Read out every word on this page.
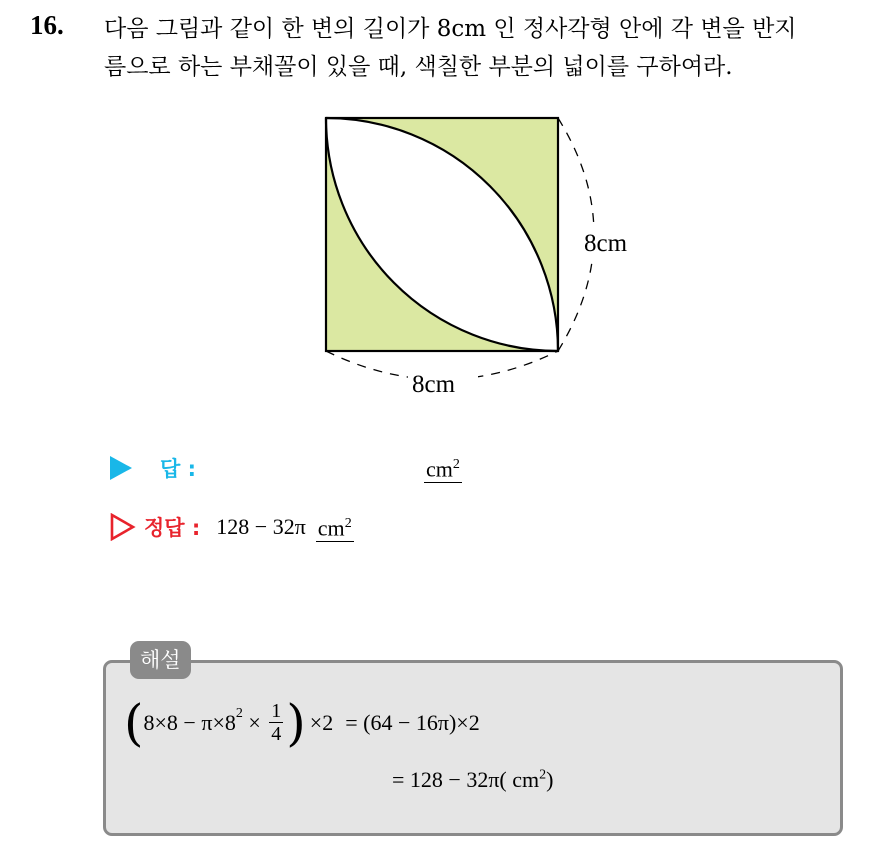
16. 다음 그림과 같이 한 변의 길이가 8cm 인 정사각형 안에 각 변을 반지
름으로 하는 부채꼴이 있을 때, 색칠한 부분의 넓이를 구하여라.
8cm
8cm
답 :	$cm^2$
정답 : 128 − 32π $cm^2$
해설
( $8\times 8 - \pi\times 8^2 \times \frac{1}{4}$ ) ×2 = (64 − 16π)×2
= 128 − 32π( $cm^2$)
